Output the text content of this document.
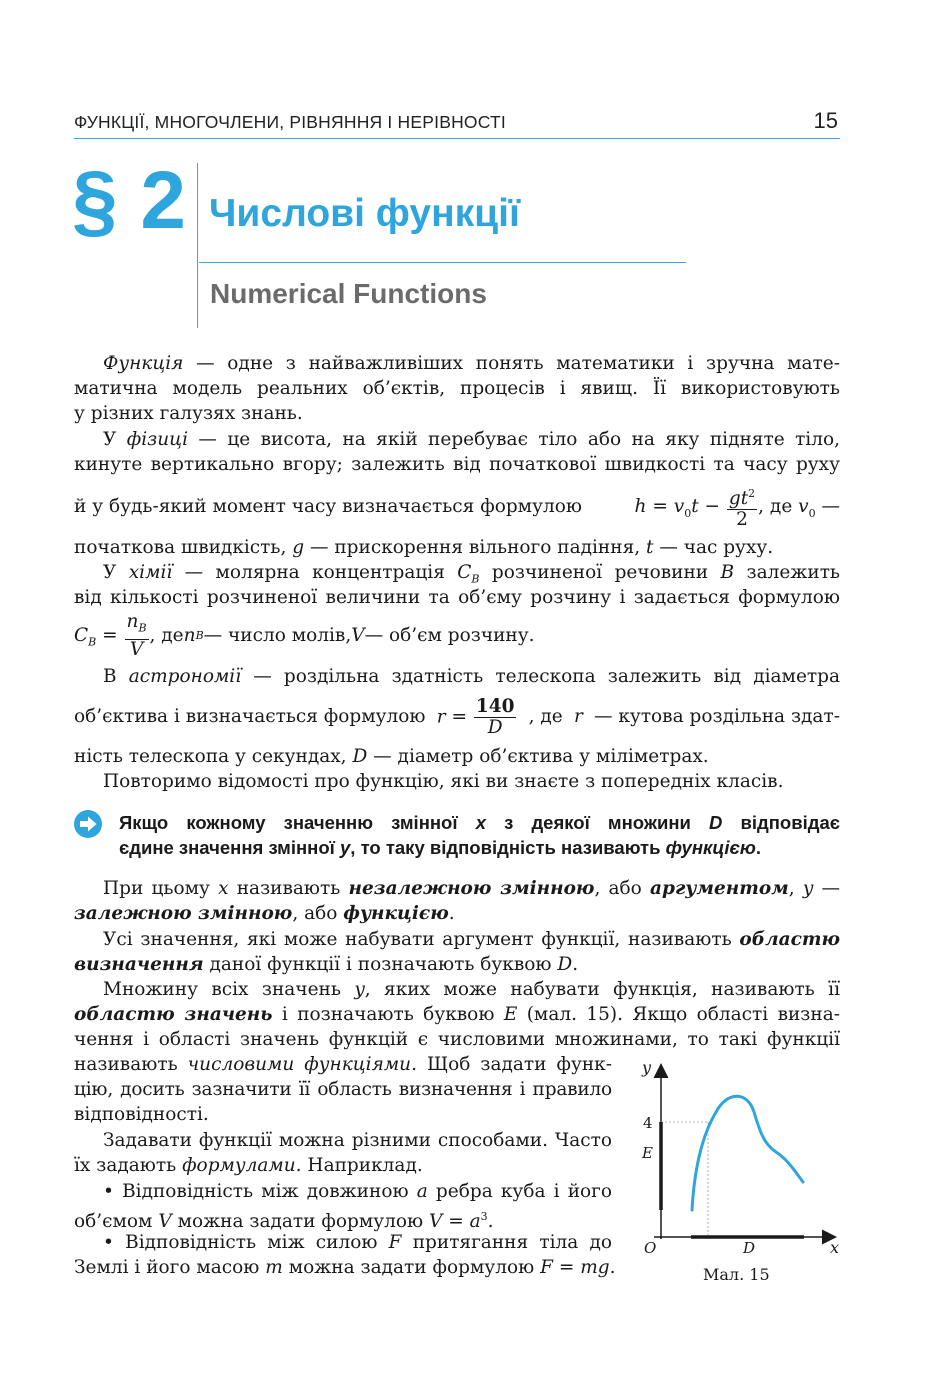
ФУНКЦІЇ, МНОГОЧЛЕНИ, РІВНЯННЯ І НЕРІВНОСТІ	15
§ 2 Числові функції
Numerical Functions
Функція — одне з найважливіших понять математики і зручна мате-
матична модель реальних об’єктів, процесів і явищ. Її використовують
у різних галузях знань.
У фізиці — це висота, на якій перебуває тіло або на яку підняте тіло,
кинуте вертикально вгору; залежить від початкової швидкості та часу руху
й у будь-який момент часу визначається формулою	$h = v_0t - \frac{gt^2}{2}$ , де $v_0$ —
початкова швидкість, g — прискорення вільного падіння, t — час руху.
У хімії — молярна концентрація $C_B$ розчиненої речовини B залежить
від кількості розчиненої величини та об’єму розчину і задається формулою
$C_B = \frac{n_B}{V}$ , де n B — число молів, V — об’єм розчину.
В астрономії — роздільна здатність телескопа залежить від діаметра
об’єктива і визначається формулою $r = \frac{140}{D}$ , де r — кутова роздільна здат-
ність телескопа у секундах, D — діаметр об’єктива у міліметрах.
Повторимо відомості про функцію, які ви знаєте з попередніх класів.
Якщо кожному значенню змінної x з деякої множини D відповідає
єдине значення змінної y, то таку відповідність називають функцією.
При цьому x називають незалежною змінною, або аргументом, y —
залежною змінною, або функцією.
Усі значення, які може набувати аргумент функції, називають областю
визначення даної функції і позначають буквою D.
Множину всіх значень y, яких може набувати функція, називають її
областю значень і позначають буквою E (мал. 15). Якщо області визна-
чення і області значень функцій є числовими множинами, то такі функції
називають числовими функціями. Щоб задати функ-
цію, досить зазначити її область визначення і правило
відповідності.
Задавати функції можна різними способами. Часто
їх задають формулами. Наприклад.
• Відповідність між довжиною a ребра куба і його
об’ємом V можна задати формулою $V = a^3$.
• Відповідність між силою F притягання тіла до
Землі і його масою m можна задати формулою F = mg.
y
x
O
4
E
D
Мал. 15
